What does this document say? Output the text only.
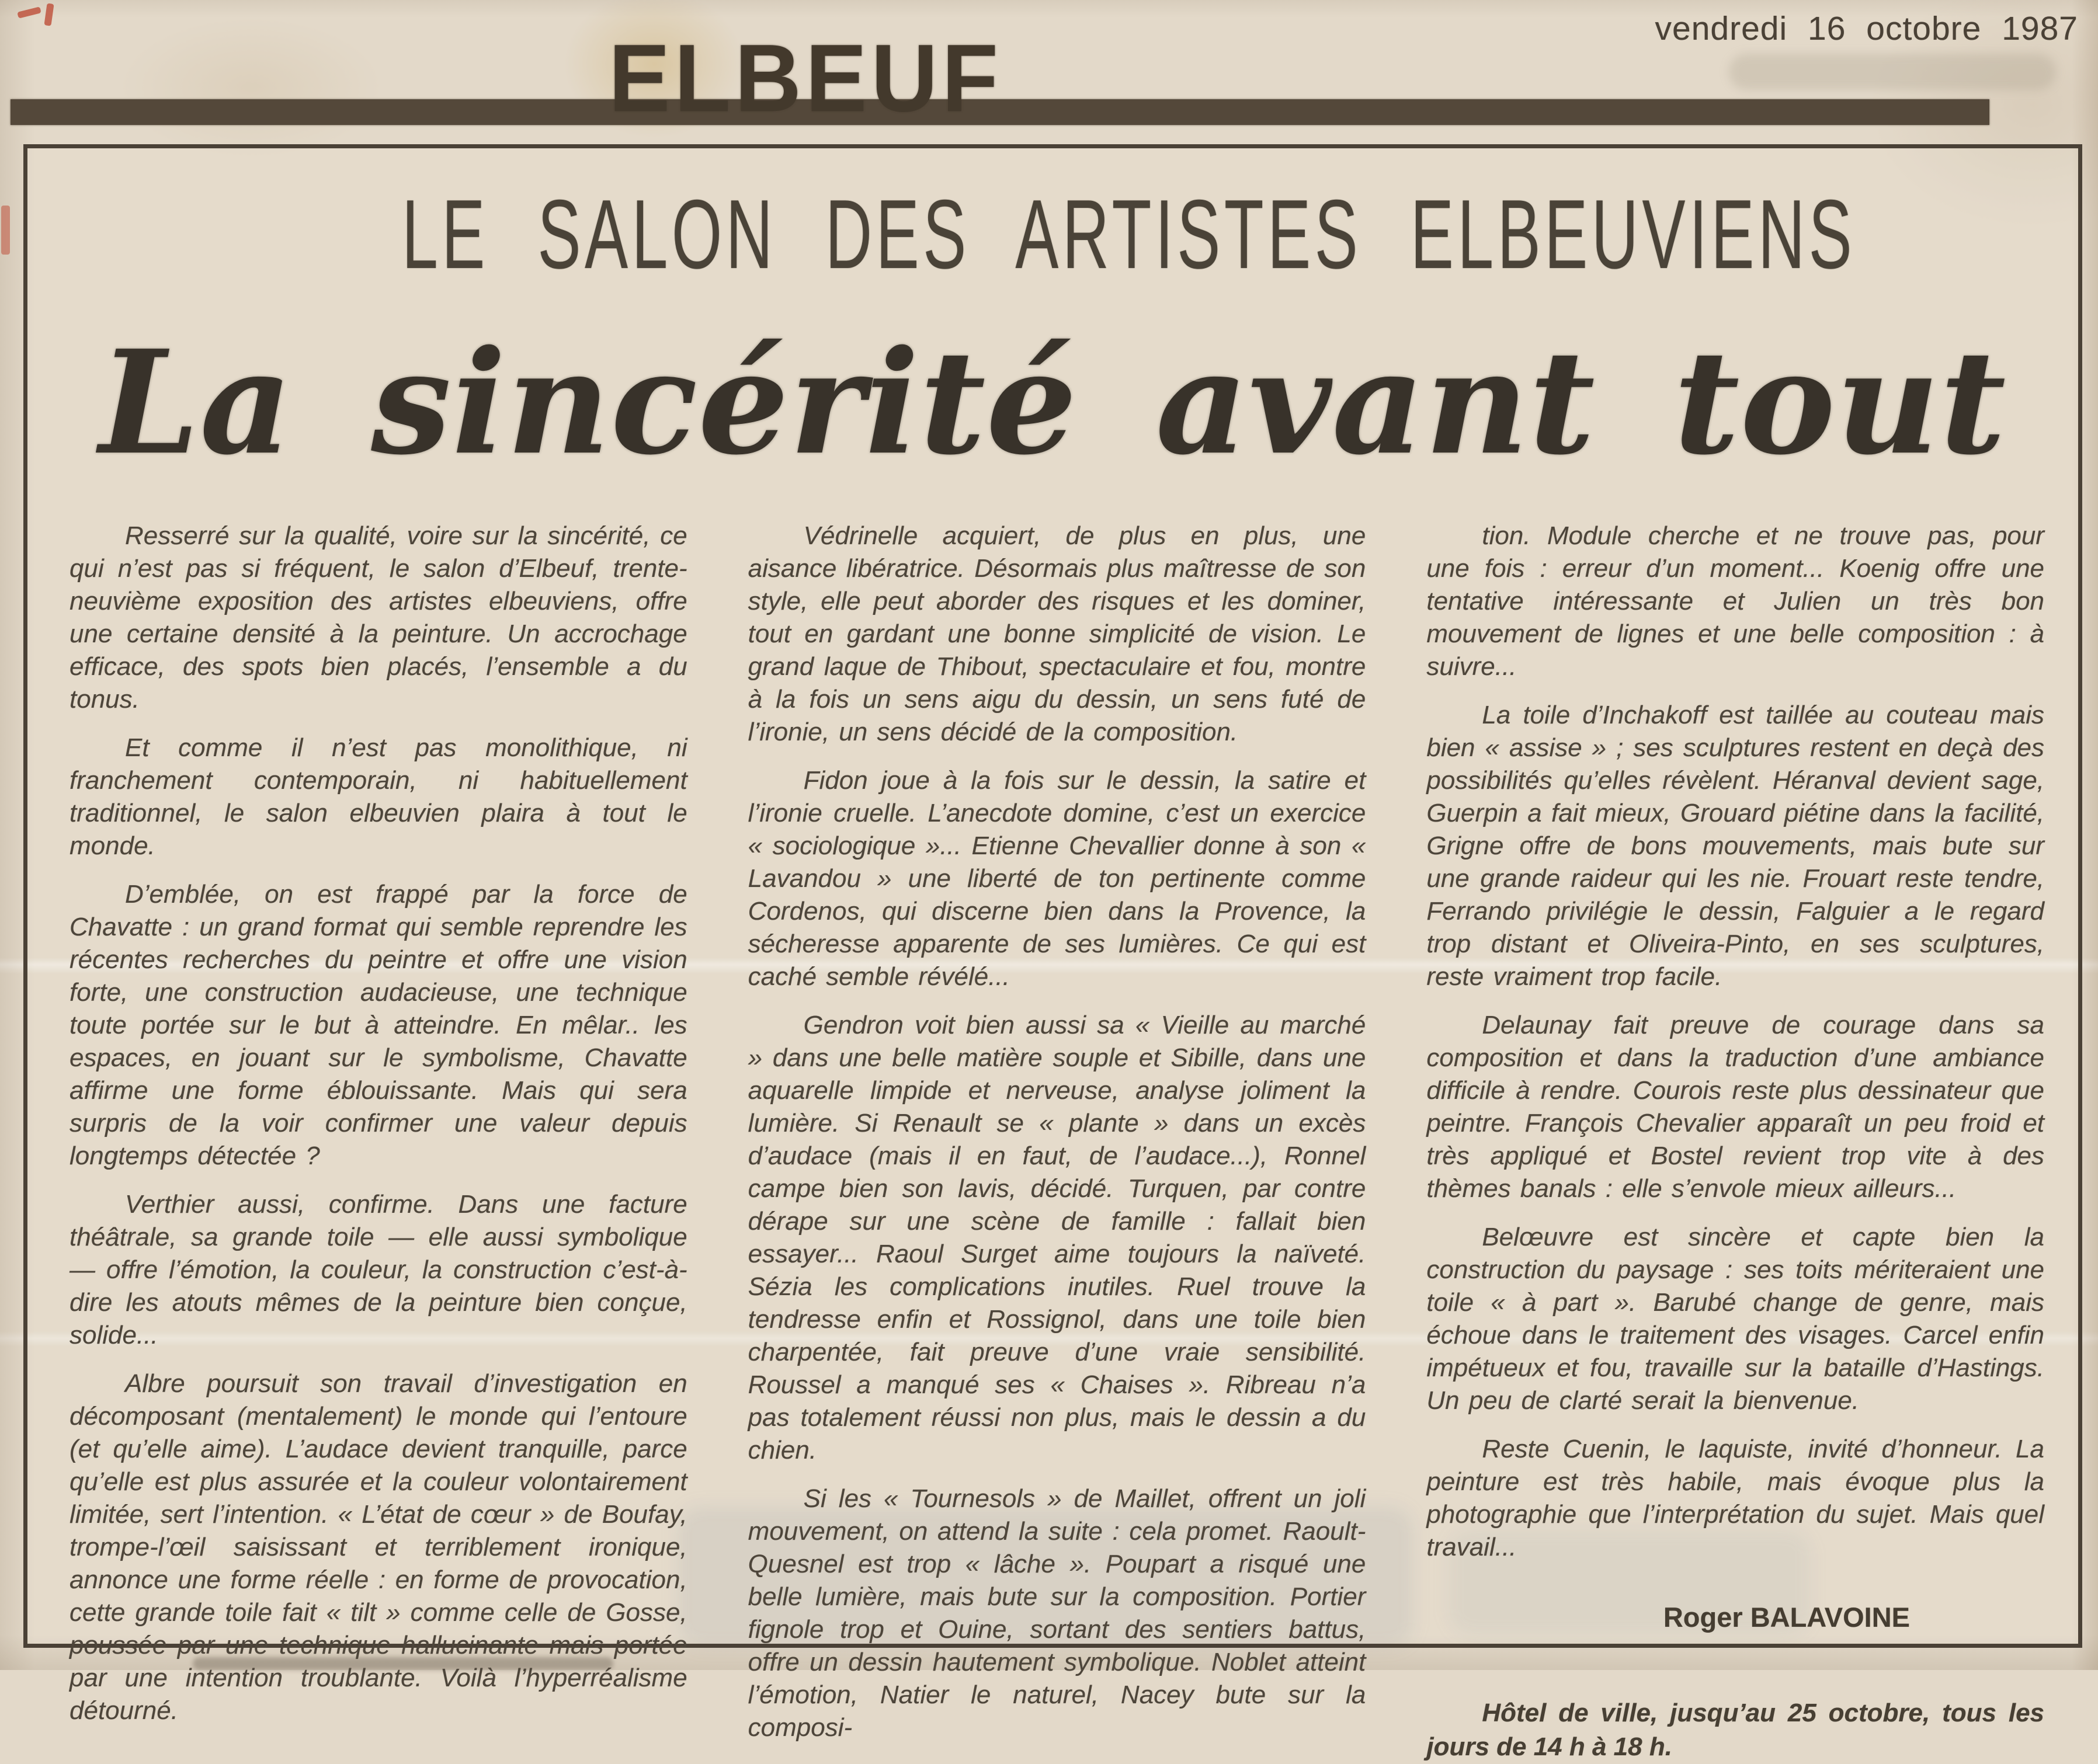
ELBEUF	vendredi 16 octobre 1987
LE SALON DES ARTISTES ELBEUVIENS
La sincérité avant tout

Resserré sur la qualité, voire sur la sincérité, ce qui n’est pas si fréquent, le salon d’Elbeuf, trente-neuvième exposition des artistes elbeuviens, offre une certaine densité à la peinture. Un accrochage efficace, des spots bien placés, l’ensemble a du tonus.

Et comme il n’est pas monolithique, ni franchement contemporain, ni habituellement traditionnel, le salon elbeuvien plaira à tout le monde.

D’emblée, on est frappé par la force de Chavatte : un grand format qui semble reprendre les récentes recherches du peintre et offre une vision forte, une construction audacieuse, une technique toute portée sur le but à atteindre. En mêlar.. les espaces, en jouant sur le symbolisme, Chavatte affirme une forme éblouissante. Mais qui sera surpris de la voir confirmer une valeur depuis longtemps détectée ?

Verthier aussi, confirme. Dans une facture théâtrale, sa grande toile — elle aussi symbolique — offre l’émotion, la couleur, la construction c’est-à-dire les atouts mêmes de la peinture bien conçue, solide...

Albre poursuit son travail d’investigation en décomposant (mentalement) le monde qui l’entoure (et qu’elle aime). L’audace devient tranquille, parce qu’elle est plus assurée et la couleur volontairement limitée, sert l’intention. « L’état de cœur » de Boufay, trompe-l’œil saisissant et terriblement ironique, annonce une forme réelle : en forme de provocation, cette grande toile fait « tilt » comme celle de Gosse, poussée par une technique hallucinante mais portée par une intention troublante. Voilà l’hyperréalisme détourné.

Védrinelle acquiert, de plus en plus, une aisance libératrice. Désormais plus maîtresse de son style, elle peut aborder des risques et les dominer, tout en gardant une bonne simplicité de vision. Le grand laque de Thibout, spectaculaire et fou, montre à la fois un sens aigu du dessin, un sens futé de l’ironie, un sens décidé de la composition.

Fidon joue à la fois sur le dessin, la satire et l’ironie cruelle. L’anecdote domine, c’est un exercice « sociologique »... Etienne Chevallier donne à son « Lavandou » une liberté de ton pertinente comme Cordenos, qui discerne bien dans la Provence, la sécheresse apparente de ses lumières. Ce qui est caché semble révélé...

Gendron voit bien aussi sa « Vieille au marché » dans une belle matière souple et Sibille, dans une aquarelle limpide et nerveuse, analyse joliment la lumière. Si Renault se « plante » dans un excès d’audace (mais il en faut, de l’audace...), Ronnel campe bien son lavis, décidé. Turquen, par contre dérape sur une scène de famille : fallait bien essayer... Raoul Surget aime toujours la naïveté. Sézia les complications inutiles. Ruel trouve la tendresse enfin et Rossignol, dans une toile bien charpentée, fait preuve d’une vraie sensibilité. Roussel a manqué ses « Chaises ». Ribreau n’a pas totalement réussi non plus, mais le dessin a du chien.

Si les « Tournesols » de Maillet, offrent un joli mouvement, on attend la suite : cela promet. Raoult-Quesnel est trop « lâche ». Poupart a risqué une belle lumière, mais bute sur la composition. Portier fignole trop et Ouine, sortant des sentiers battus, offre un dessin hautement symbolique. Noblet atteint l’émotion, Natier le naturel, Nacey bute sur la composi-

tion. Module cherche et ne trouve pas, pour une fois : erreur d’un moment... Koenig offre une tentative intéressante et Julien un très bon mouvement de lignes et une belle composition : à suivre...

La toile d’Inchakoff est taillée au couteau mais bien « assise » ; ses sculptures restent en deçà des possibilités qu’elles révèlent. Héranval devient sage, Guerpin a fait mieux, Grouard piétine dans la facilité, Grigne offre de bons mouvements, mais bute sur une grande raideur qui les nie. Frouart reste tendre, Ferrando privilégie le dessin, Falguier a le regard trop distant et Oliveira-Pinto, en ses sculptures, reste vraiment trop facile.

Delaunay fait preuve de courage dans sa composition et dans la traduction d’une ambiance difficile à rendre. Courois reste plus dessinateur que peintre. François Chevalier apparaît un peu froid et très appliqué et Bostel revient trop vite à des thèmes banals : elle s’envole mieux ailleurs...

Belœuvre est sincère et capte bien la construction du paysage : ses toits mériteraient une toile « à part ». Barubé change de genre, mais échoue dans le traitement des visages. Carcel enfin impétueux et fou, travaille sur la bataille d’Hastings. Un peu de clarté serait la bienvenue.

Reste Cuenin, le laquiste, invité d’honneur. La peinture est très habile, mais évoque plus la photographie que l’interprétation du sujet. Mais quel travail...

Roger BALAVOINE

Hôtel de ville, jusqu’au 25 octobre, tous les jours de 14 h à 18 h.
